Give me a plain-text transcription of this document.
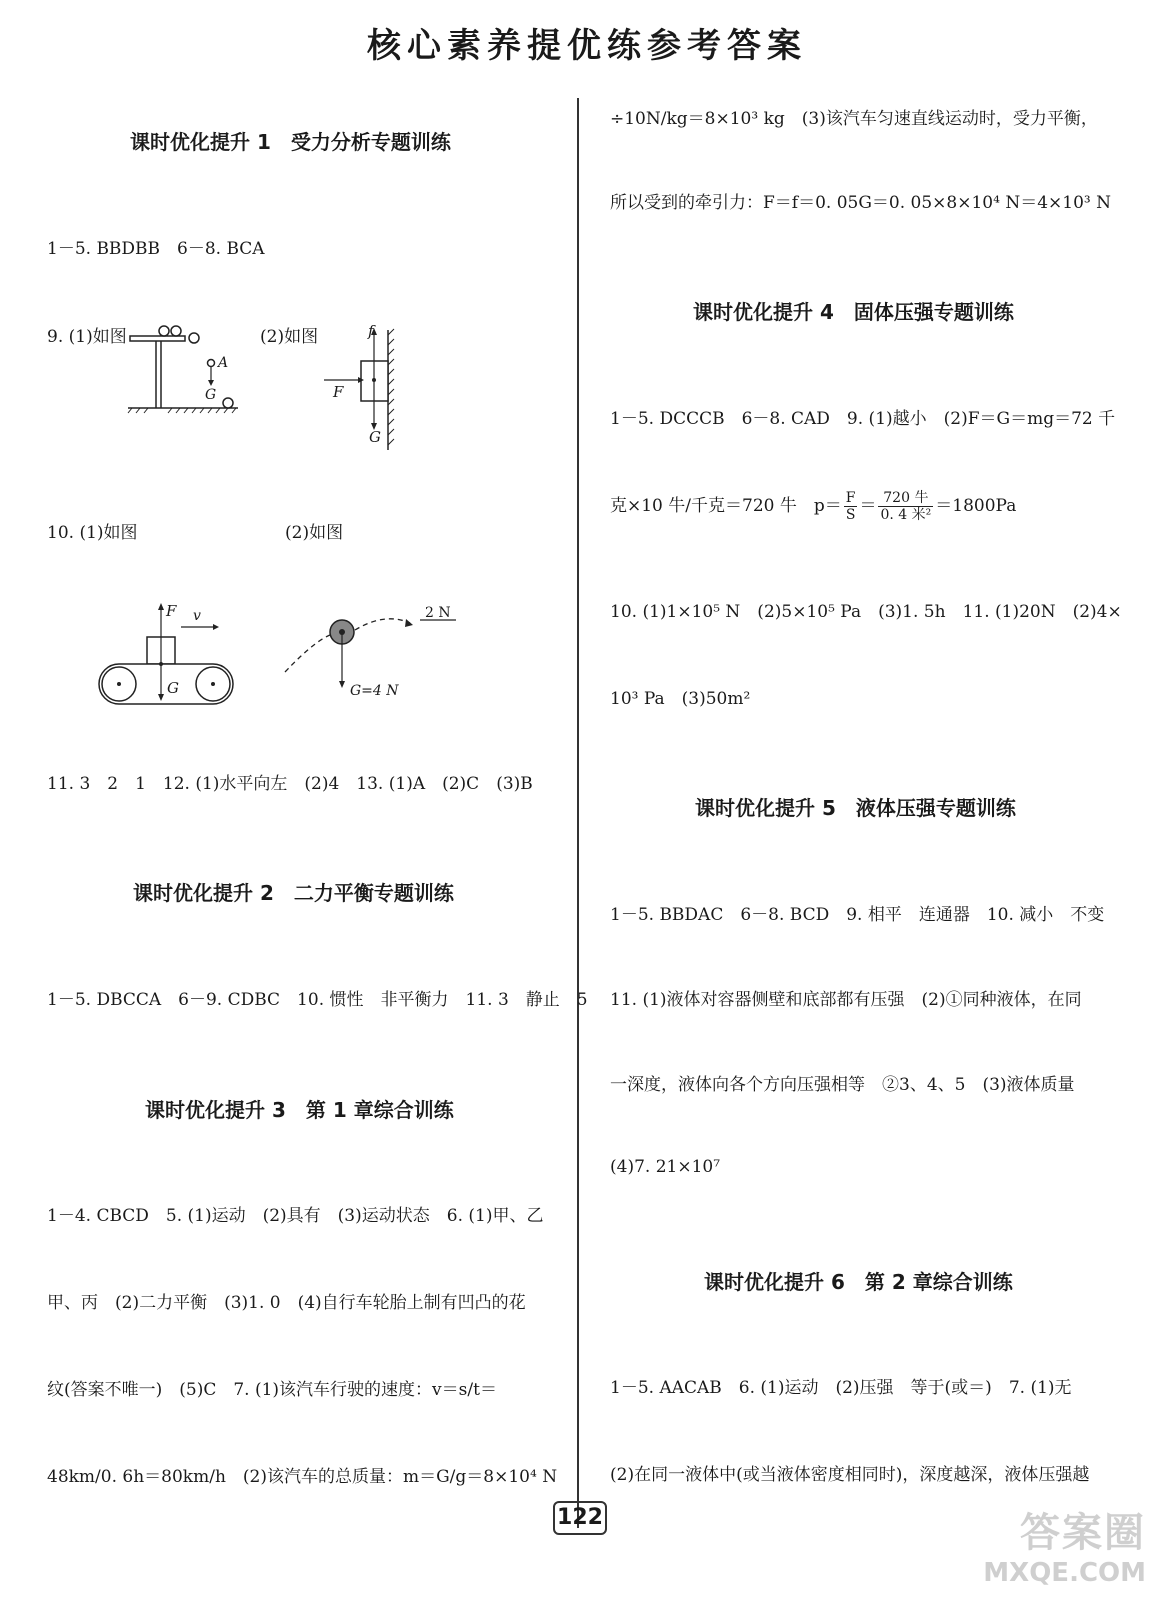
核心素养提优练参考答案
课时优化提升 1　受力分析专题训练
1－5. BBDBB　6－8. BCA
9. (1)如图	(2)如图
A
G
f
F
G
10. (1)如图	(2)如图
F v
G
2 N
G=4 N
11. 3　2　1　12. (1)水平向左　(2)4　13. (1)A　(2)C　(3)B
课时优化提升 2　二力平衡专题训练
1－5. DBCCA　6－9. CDBC　10. 惯性　非平衡力　11. 3　静止　5
课时优化提升 3　第 1 章综合训练
1－4. CBCD　5. (1)运动　(2)具有　(3)运动状态　6. (1)甲、乙
甲、丙　(2)二力平衡　(3)1. 0　(4)自行车轮胎上制有凹凸的花
纹(答案不唯一)　(5)C　7. (1)该汽车行驶的速度：v＝s/t＝
48km/0. 6h＝80km/h　(2)该汽车的总质量：m＝G/g＝8×10⁴ N
÷10N/kg＝8×10³ kg　(3)该汽车匀速直线运动时，受力平衡，
所以受到的牵引力：F＝f＝0. 05G＝0. 05×8×10⁴ N＝4×10³ N
课时优化提升 4　固体压强专题训练
1－5. DCCCB　6－8. CAD　9. (1)越小　(2)F＝G＝mg＝72 千
克×10 牛/千克＝720 牛　$p= \frac{F}{S} = \frac{\text{720 牛}}{\text{0. 4 米²}} =1800Pa$
10. (1)1×10⁵ N　(2)5×10⁵ Pa　(3)1. 5h　11. (1)20N　(2)4×
10³ Pa　(3)50m²
课时优化提升 5　液体压强专题训练
1－5. BBDAC　6－8. BCD　9. 相平　连通器　10. 减小　不变
11. (1)液体对容器侧壁和底部都有压强　(2)①同种液体，在同
一深度，液体向各个方向压强相等　②3、4、5　(3)液体质量
(4)7. 21×10⁷
课时优化提升 6　第 2 章综合训练
1－5. AACAB　6. (1)运动　(2)压强　等于(或＝)　7. (1)无
(2)在同一液体中(或当液体密度相同时)，深度越深，液体压强越
122	答案圈
MXQE.COM
